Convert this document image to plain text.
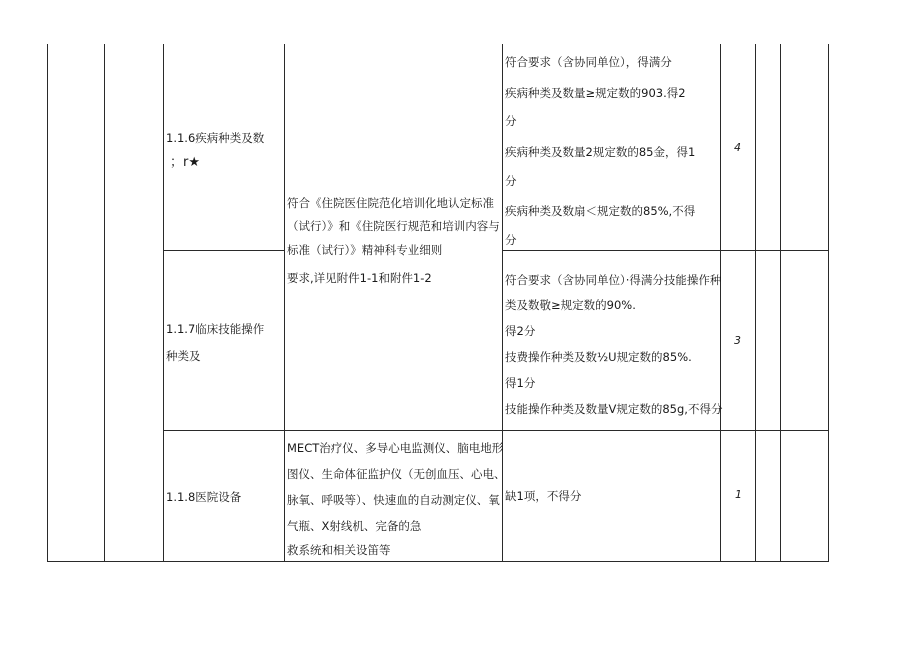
1.1.6疾病种类及数
；r★
符合要求（含协同单位），得满分
疾病种类及数量≥规定数的903.得2
分
疾病种类及数量2规定数的85金，得1
分
疾病种类及数扇＜规定数的85%,不得
分
4
符合《住院医住院范化培训化地认定标准
（试行）》和《住院医行规范和培训内容与
标准（试行）》精神科专业细则
要求,详见附件1-1和附件1-2
1.1.7临床技能操作
种类及
符合要求（含协同单位）·得满分技能操作种
类及数敬≥规定数的90%.
得2分
技费操作种类及数½U规定数的85%.
得1分
技能操作种类及数量V规定数的85g,不得分
3
1.1.8医院设备
MECT治疗仪、多导心电监测仪、脑电地形
图仪、生命体征监护仪（无创血压、心电、
脉氧、呼吸等）、快速血的自动测定仪、氧
气瓶、X射线机、完备的急
救系统和相关设笛等
缺1项，不得分	1
